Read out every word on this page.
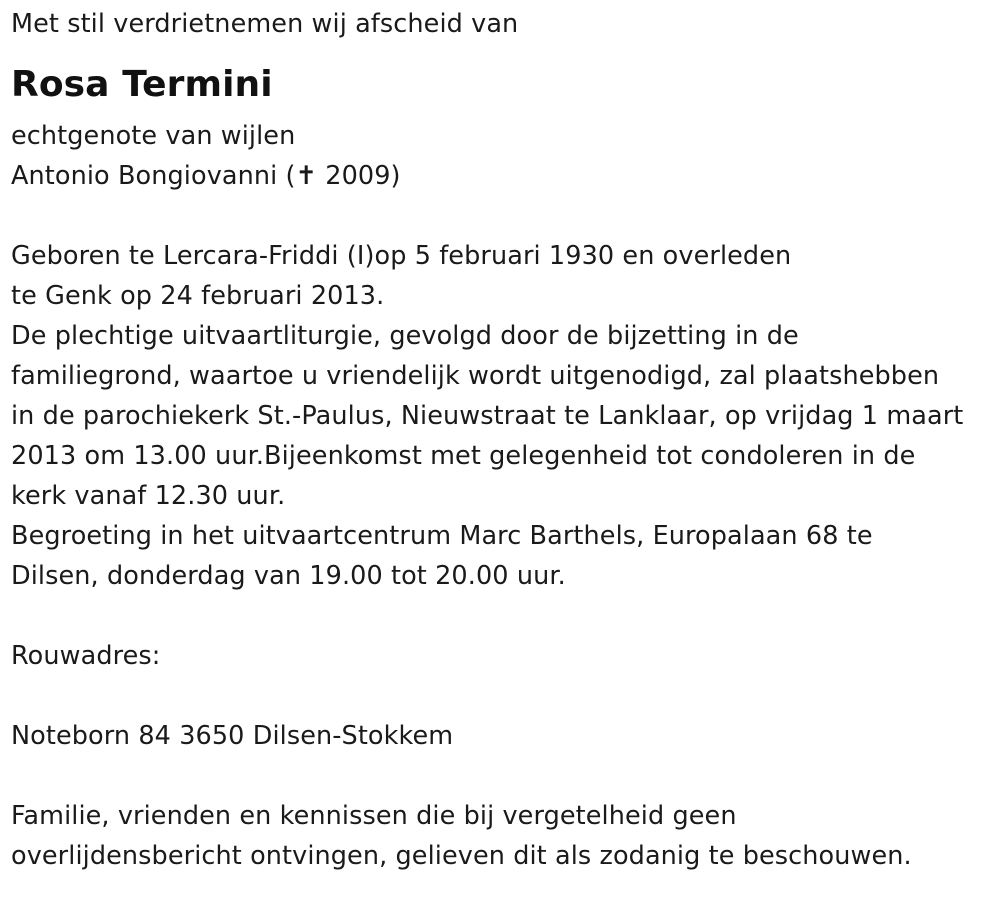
Met stil verdrietnemen wij afscheid van
Rosa Termini
echtgenote van wijlen
Antonio Bongiovanni (✝ 2009)
Geboren te Lercara-Friddi (I)op 5 februari 1930 en overleden
te Genk op 24 februari 2013.
De plechtige uitvaartliturgie, gevolgd door de bijzetting in de
familiegrond, waartoe u vriendelijk wordt uitgenodigd, zal plaatshebben
in de parochiekerk St.-Paulus, Nieuwstraat te Lanklaar, op vrijdag 1 maart
2013 om 13.00 uur.Bijeenkomst met gelegenheid tot condoleren in de
kerk vanaf 12.30 uur.
Begroeting in het uitvaartcentrum Marc Barthels, Europalaan 68 te
Dilsen, donderdag van 19.00 tot 20.00 uur.
Rouwadres:
Noteborn 84 3650 Dilsen-Stokkem
Familie, vrienden en kennissen die bij vergetelheid geen
overlijdensbericht ontvingen, gelieven dit als zodanig te beschouwen.
